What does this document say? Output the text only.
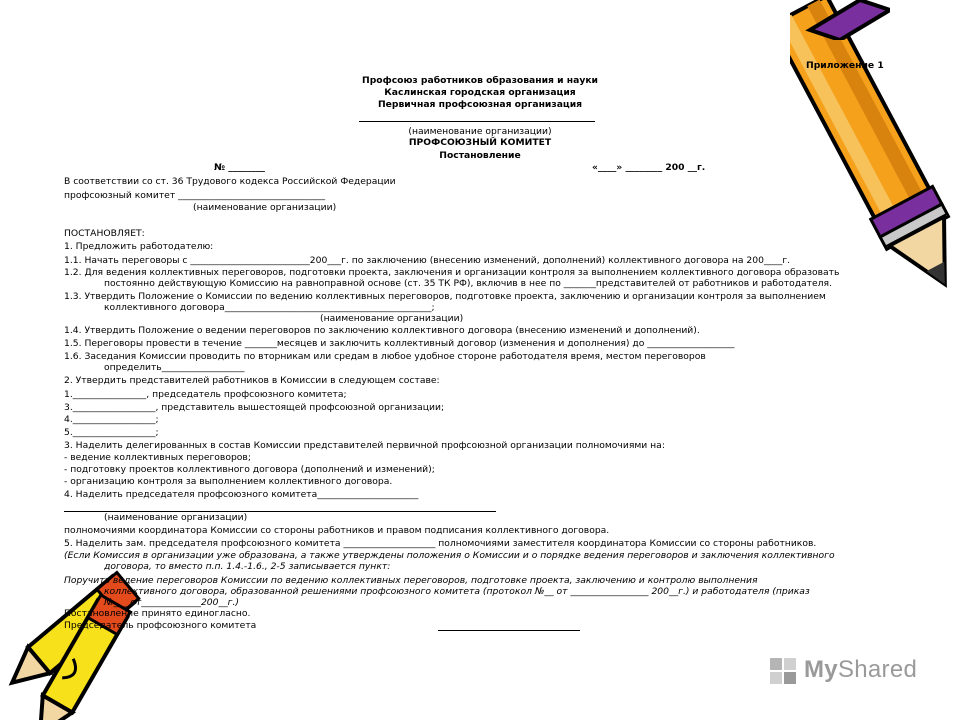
Приложение 1
Профсоюз работников образования и науки
Каслинская городская организация
Первичная профсоюзная организация
(наименование организации)
ПРОФСОЮЗНЫЙ КОМИТЕТ
Постановление
№ ________	«____» ________ 200 __г.
В соответствии со ст. 36 Трудового кодекса Российской Федерации
профсоюзный комитет ________________________________
(наименование организации)
ПОСТАНОВЛЯЕТ:
1. Предложить работодателю:
1.1. Начать переговоры с __________________________200___г. по заключению (внесению изменений, дополнений) коллективного договора на 200____г.
1.2. Для ведения коллективных переговоров, подготовки проекта, заключения и организации контроля за выполнением коллективного договора образовать
постоянно действующую Комиссию на равноправной основе (ст. 35 ТК РФ), включив в нее по _______представителей от работников и работодателя.
1.3. Утвердить Положение о Комиссии по ведению коллективных переговоров, подготовке проекта, заключению и организации контроля за выполнением
коллективного договора_____________________________________________;
(наименование организации)
1.4. Утвердить Положение о ведении переговоров по заключению коллективного договора (внесению изменений и дополнений).
1.5. Переговоры провести в течение _______месяцев и заключить коллективный договор (изменения и дополнения) до ___________________
1.6. Заседания Комиссии проводить по вторникам или средам в любое удобное стороне работодателя время, местом переговоров
определить__________________
2. Утвердить представителей работников в Комиссии в следующем составе:
1.________________, председатель профсоюзного комитета;
3.__________________, представитель вышестоящей профсоюзной организации;
4.__________________;
5.__________________;
3. Наделить делегированных в состав Комиссии представителей первичной профсоюзной организации полномочиями на:
- ведение коллективных переговоров;
- подготовку проектов коллективного договора (дополнений и изменений);
- организацию контроля за выполнением коллективного договора.
4. Наделить председателя профсоюзного комитета______________________
(наименование организации)
полномочиями координатора Комиссии со стороны работников и правом подписания коллективного договора.
5. Наделить зам. председателя профсоюзного комитета ____________________ полномочиями заместителя координатора Комиссии со стороны работников.
(Если Комиссия в организации уже образована, а также утверждены положения о Комиссии и о порядке ведения переговоров и заключения коллективного
договора, то вместо п.п. 1.4.-1.6., 2-5 записывается пункт:
Поручить ведение переговоров Комиссии по ведению коллективных переговоров, подготовке проекта, заключению и контролю выполнения
коллективного договора, образованной решениями профсоюзного комитета (протокол №__ от _________________ 200__г.) и работодателя (приказ
№___ от_____________200__г.)
Постановление принято единогласно.
Председатель профсоюзного комитета
MyShared
